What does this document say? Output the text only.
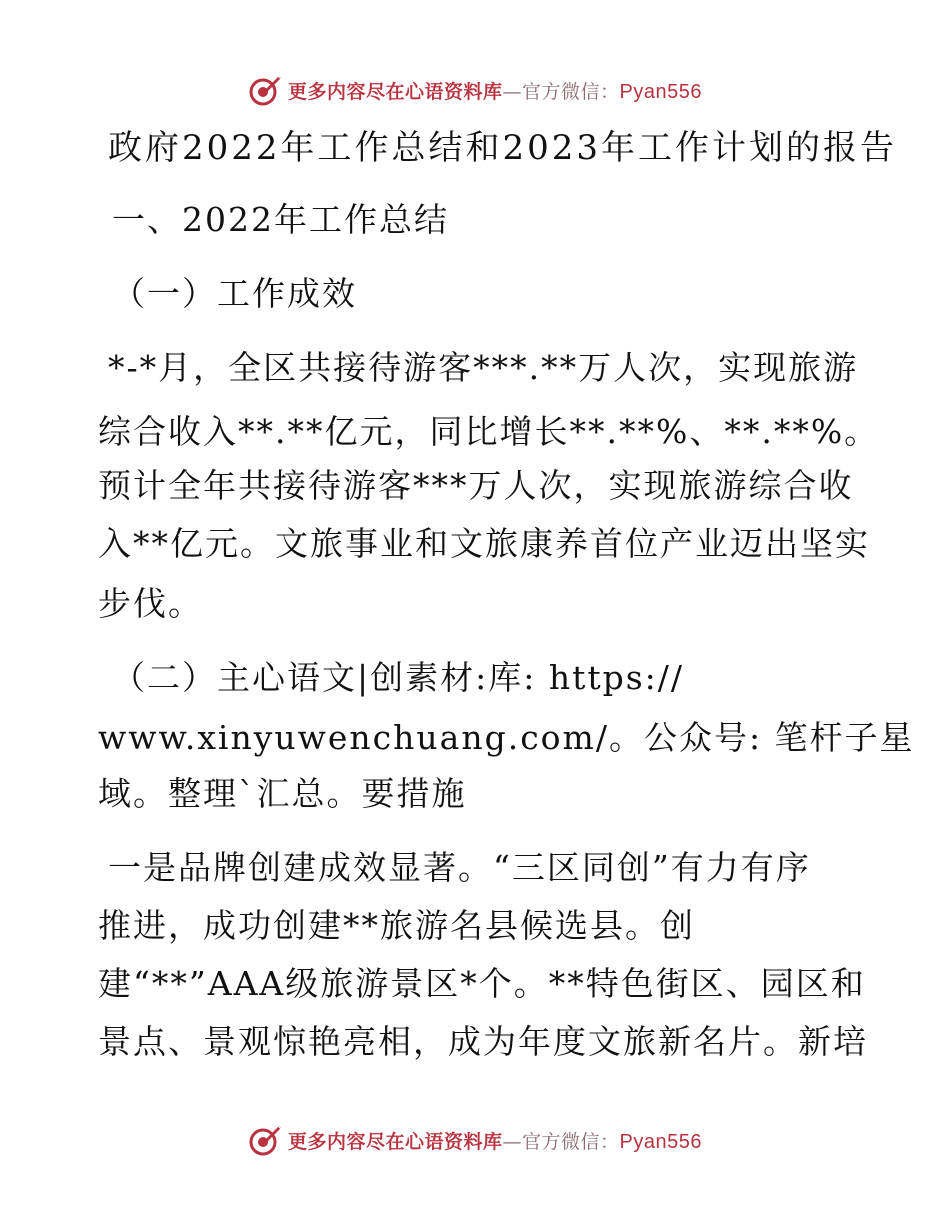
更多内容尽在心语资料库 —官方微信： Pyan556
政府2022年工作总结和2023年工作计划的报告
一、2022年工作总结
（一）工作成效
*-*月，全区共接待游客***.**万人次，实现旅游
综合收入**.**亿元，同比增长**.**%、**.**%。
预计全年共接待游客***万人次，实现旅游综合收
入**亿元。文旅事业和文旅康养首位产业迈出坚实
步伐。
（二）主心语文|创素材:库: https://
www.xinyuwenchuang.com/。公众号: 笔杆子星
域。整理`汇总。要措施
一是品牌创建成效显著。“三区同创”有力有序
推进，成功创建**旅游名县候选县。创
建“**”AAA级旅游景区*个。**特色街区、园区和
景点、景观惊艳亮相，成为年度文旅新名片。新培
更多内容尽在心语资料库 —官方微信： Pyan556
